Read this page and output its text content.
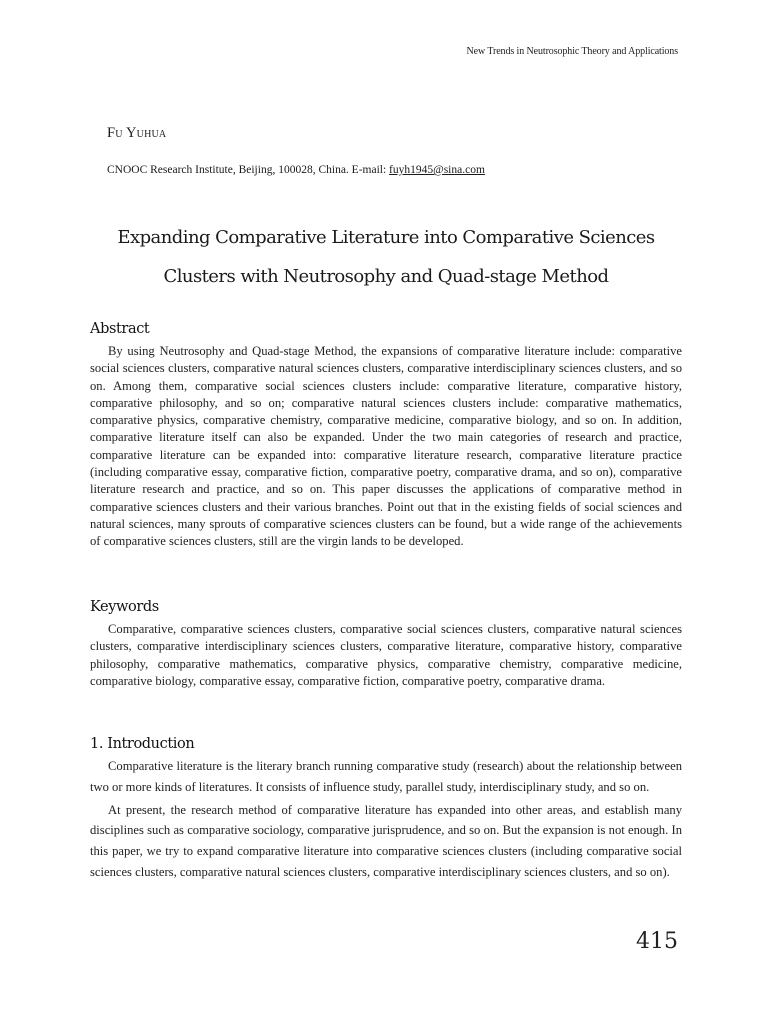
New Trends in Neutrosophic Theory and Applications
Fu Yuhua
CNOOC Research Institute, Beijing, 100028, China. E-mail: fuyh1945@sina.com
Expanding Comparative Literature into Comparative Sciences Clusters with Neutrosophy and Quad-stage Method
Abstract

By using Neutrosophy and Quad-stage Method, the expansions of comparative literature include: comparative social sciences clusters, comparative natural sciences clusters, comparative interdisciplinary sciences clusters, and so on. Among them, comparative social sciences clusters include: comparative literature, comparative history, comparative philosophy, and so on; comparative natural sciences clusters include: comparative mathematics, comparative physics, comparative chemistry, comparative medicine, comparative biology, and so on. In addition, comparative literature itself can also be expanded. Under the two main categories of research and practice, comparative literature can be expanded into: comparative literature research, comparative literature practice (including comparative essay, comparative fiction, comparative poetry, comparative drama, and so on), comparative literature research and practice, and so on. This paper discusses the applications of comparative method in comparative sciences clusters and their various branches. Point out that in the existing fields of social sciences and natural sciences, many sprouts of comparative sciences clusters can be found, but a wide range of the achievements of comparative sciences clusters, still are the virgin lands to be developed.

Keywords

Comparative, comparative sciences clusters, comparative social sciences clusters, comparative natural sciences clusters, comparative interdisciplinary sciences clusters, comparative literature, comparative history, comparative philosophy, comparative mathematics, comparative physics, comparative chemistry, comparative medicine, comparative biology, comparative essay, comparative fiction, comparative poetry, comparative drama.

1. Introduction

Comparative literature is the literary branch running comparative study (research) about the relationship between two or more kinds of literatures. It consists of influence study, parallel study, interdisciplinary study, and so on.

At present, the research method of comparative literature has expanded into other areas, and establish many disciplines such as comparative sociology, comparative jurisprudence, and so on. But the expansion is not enough. In this paper, we try to expand comparative literature into comparative sciences clusters (including comparative social sciences clusters, comparative natural sciences clusters, comparative interdisciplinary sciences clusters, and so on).

415
